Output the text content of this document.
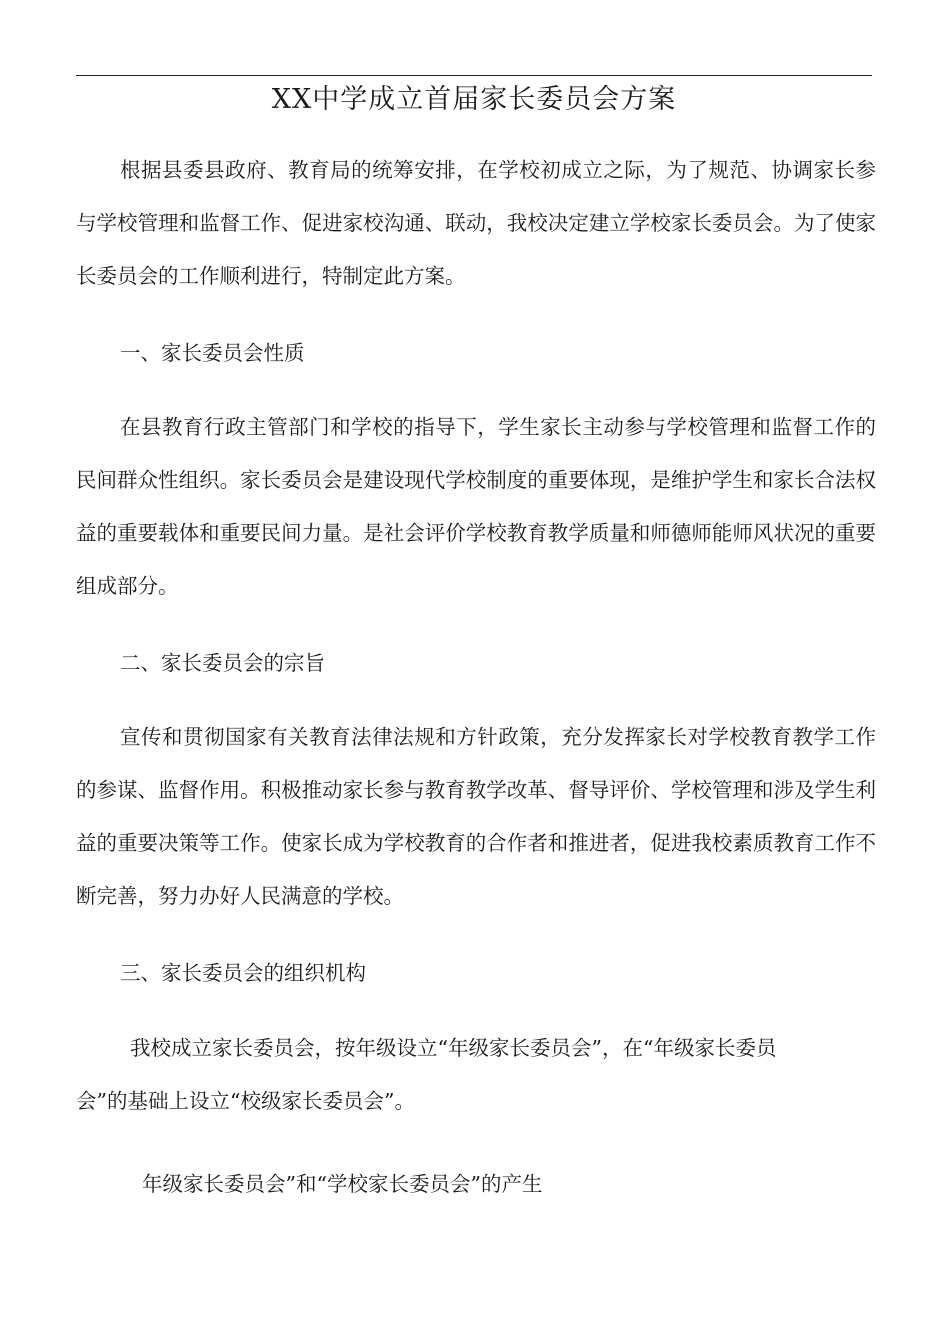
XX中学成立首届家长委员会方案

根据县委县政府、教育局的统筹安排，在学校初成立之际，为了规范、协调家长参与学校管理和监督工作、促进家校沟通、联动，我校决定建立学校家长委员会。为了使家长委员会的工作顺利进行，特制定此方案。

一、家长委员会性质

在县教育行政主管部门和学校的指导下，学生家长主动参与学校管理和监督工作的民间群众性组织。家长委员会是建设现代学校制度的重要体现，是维护学生和家长合法权益的重要载体和重要民间力量。是社会评价学校教育教学质量和师德师能师风状况的重要组成部分。

二、家长委员会的宗旨

宣传和贯彻国家有关教育法律法规和方针政策，充分发挥家长对学校教育教学工作的参谋、监督作用。积极推动家长参与教育教学改革、督导评价、学校管理和涉及学生利益的重要决策等工作。使家长成为学校教育的合作者和推进者，促进我校素质教育工作不断完善，努力办好人民满意的学校。

三、家长委员会的组织机构
我校成立家长委员会，按年级设立“年级家长委员会”，在“年级家长委员
会”的基础上设立“校级家长委员会”。
年级家长委员会”和“学校家长委员会”的产生
